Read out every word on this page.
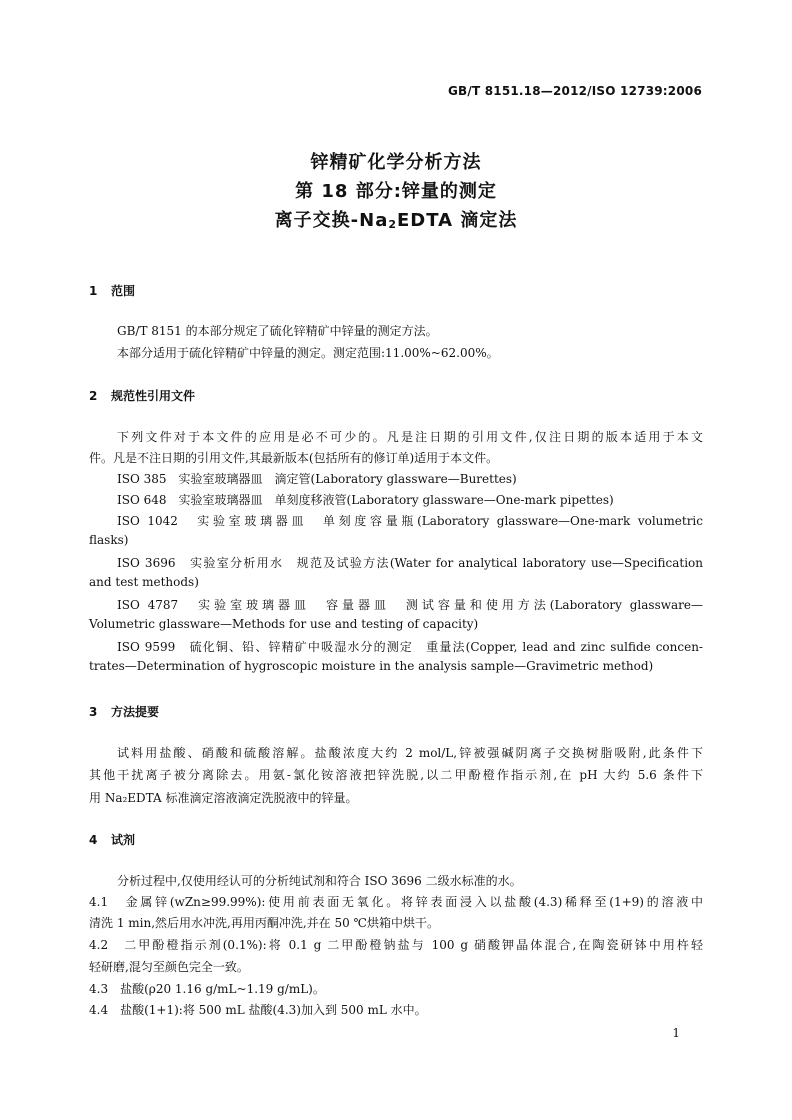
GB/T 8151.18—2012/ISO 12739:2006
锌精矿化学分析方法
第 18 部分:锌量的测定
离子交换-Na2EDTA 滴定法
1 范围
GB/T 8151 的本部分规定了硫化锌精矿中锌量的测定方法。
本部分适用于硫化锌精矿中锌量的测定。测定范围:11.00%~62.00%。
2 规范性引用文件
下列文件对于本文件的应用是必不可少的。凡是注日期的引用文件,仅注日期的版本适用于本文
件。凡是不注日期的引用文件,其最新版本(包括所有的修订单)适用于本文件。
ISO 385　实验室玻璃器皿　滴定管(Laboratory glassware—Burettes)
ISO 648　实验室玻璃器皿　单刻度移液管(Laboratory glassware—One-mark pipettes)
ISO 1042　实验室玻璃器皿　单刻度容量瓶(Laboratory glassware—One-mark volumetric
flasks)
ISO 3696　实验室分析用水　规范及试验方法(Water for analytical laboratory use—Specification
and test methods)
ISO 4787　实验室玻璃器皿　容量器皿　测试容量和使用方法(Laboratory glassware—
Volumetric glassware—Methods for use and testing of capacity)
ISO 9599　硫化铜、铅、锌精矿中吸湿水分的测定　重量法(Copper, lead and zinc sulfide concen-
trates—Determination of hygroscopic moisture in the analysis sample—Gravimetric method)
3 方法提要
试料用盐酸、硝酸和硫酸溶解。盐酸浓度大约 2 mol/L,锌被强碱阴离子交换树脂吸附,此条件下
其他干扰离子被分离除去。用氨-氯化铵溶液把锌洗脱,以二甲酚橙作指示剂,在 pH 大约 5.6 条件下
用 Na₂EDTA 标准滴定溶液滴定洗脱液中的锌量。
4 试剂
分析过程中,仅使用经认可的分析纯试剂和符合 ISO 3696 二级水标准的水。
4.1　金属锌(wZn≥99.99%):使用前表面无氧化。将锌表面浸入以盐酸(4.3)稀释至(1+9)的溶液中
清洗 1 min,然后用水冲洗,再用丙酮冲洗,并在 50 ℃烘箱中烘干。
4.2　二甲酚橙指示剂(0.1%):将 0.1 g 二甲酚橙钠盐与 100 g 硝酸钾晶体混合,在陶瓷研钵中用杵轻
轻研磨,混匀至颜色完全一致。
4.3　盐酸(ρ20 1.16 g/mL~1.19 g/mL)。
4.4　盐酸(1+1):将 500 mL 盐酸(4.3)加入到 500 mL 水中。
1
